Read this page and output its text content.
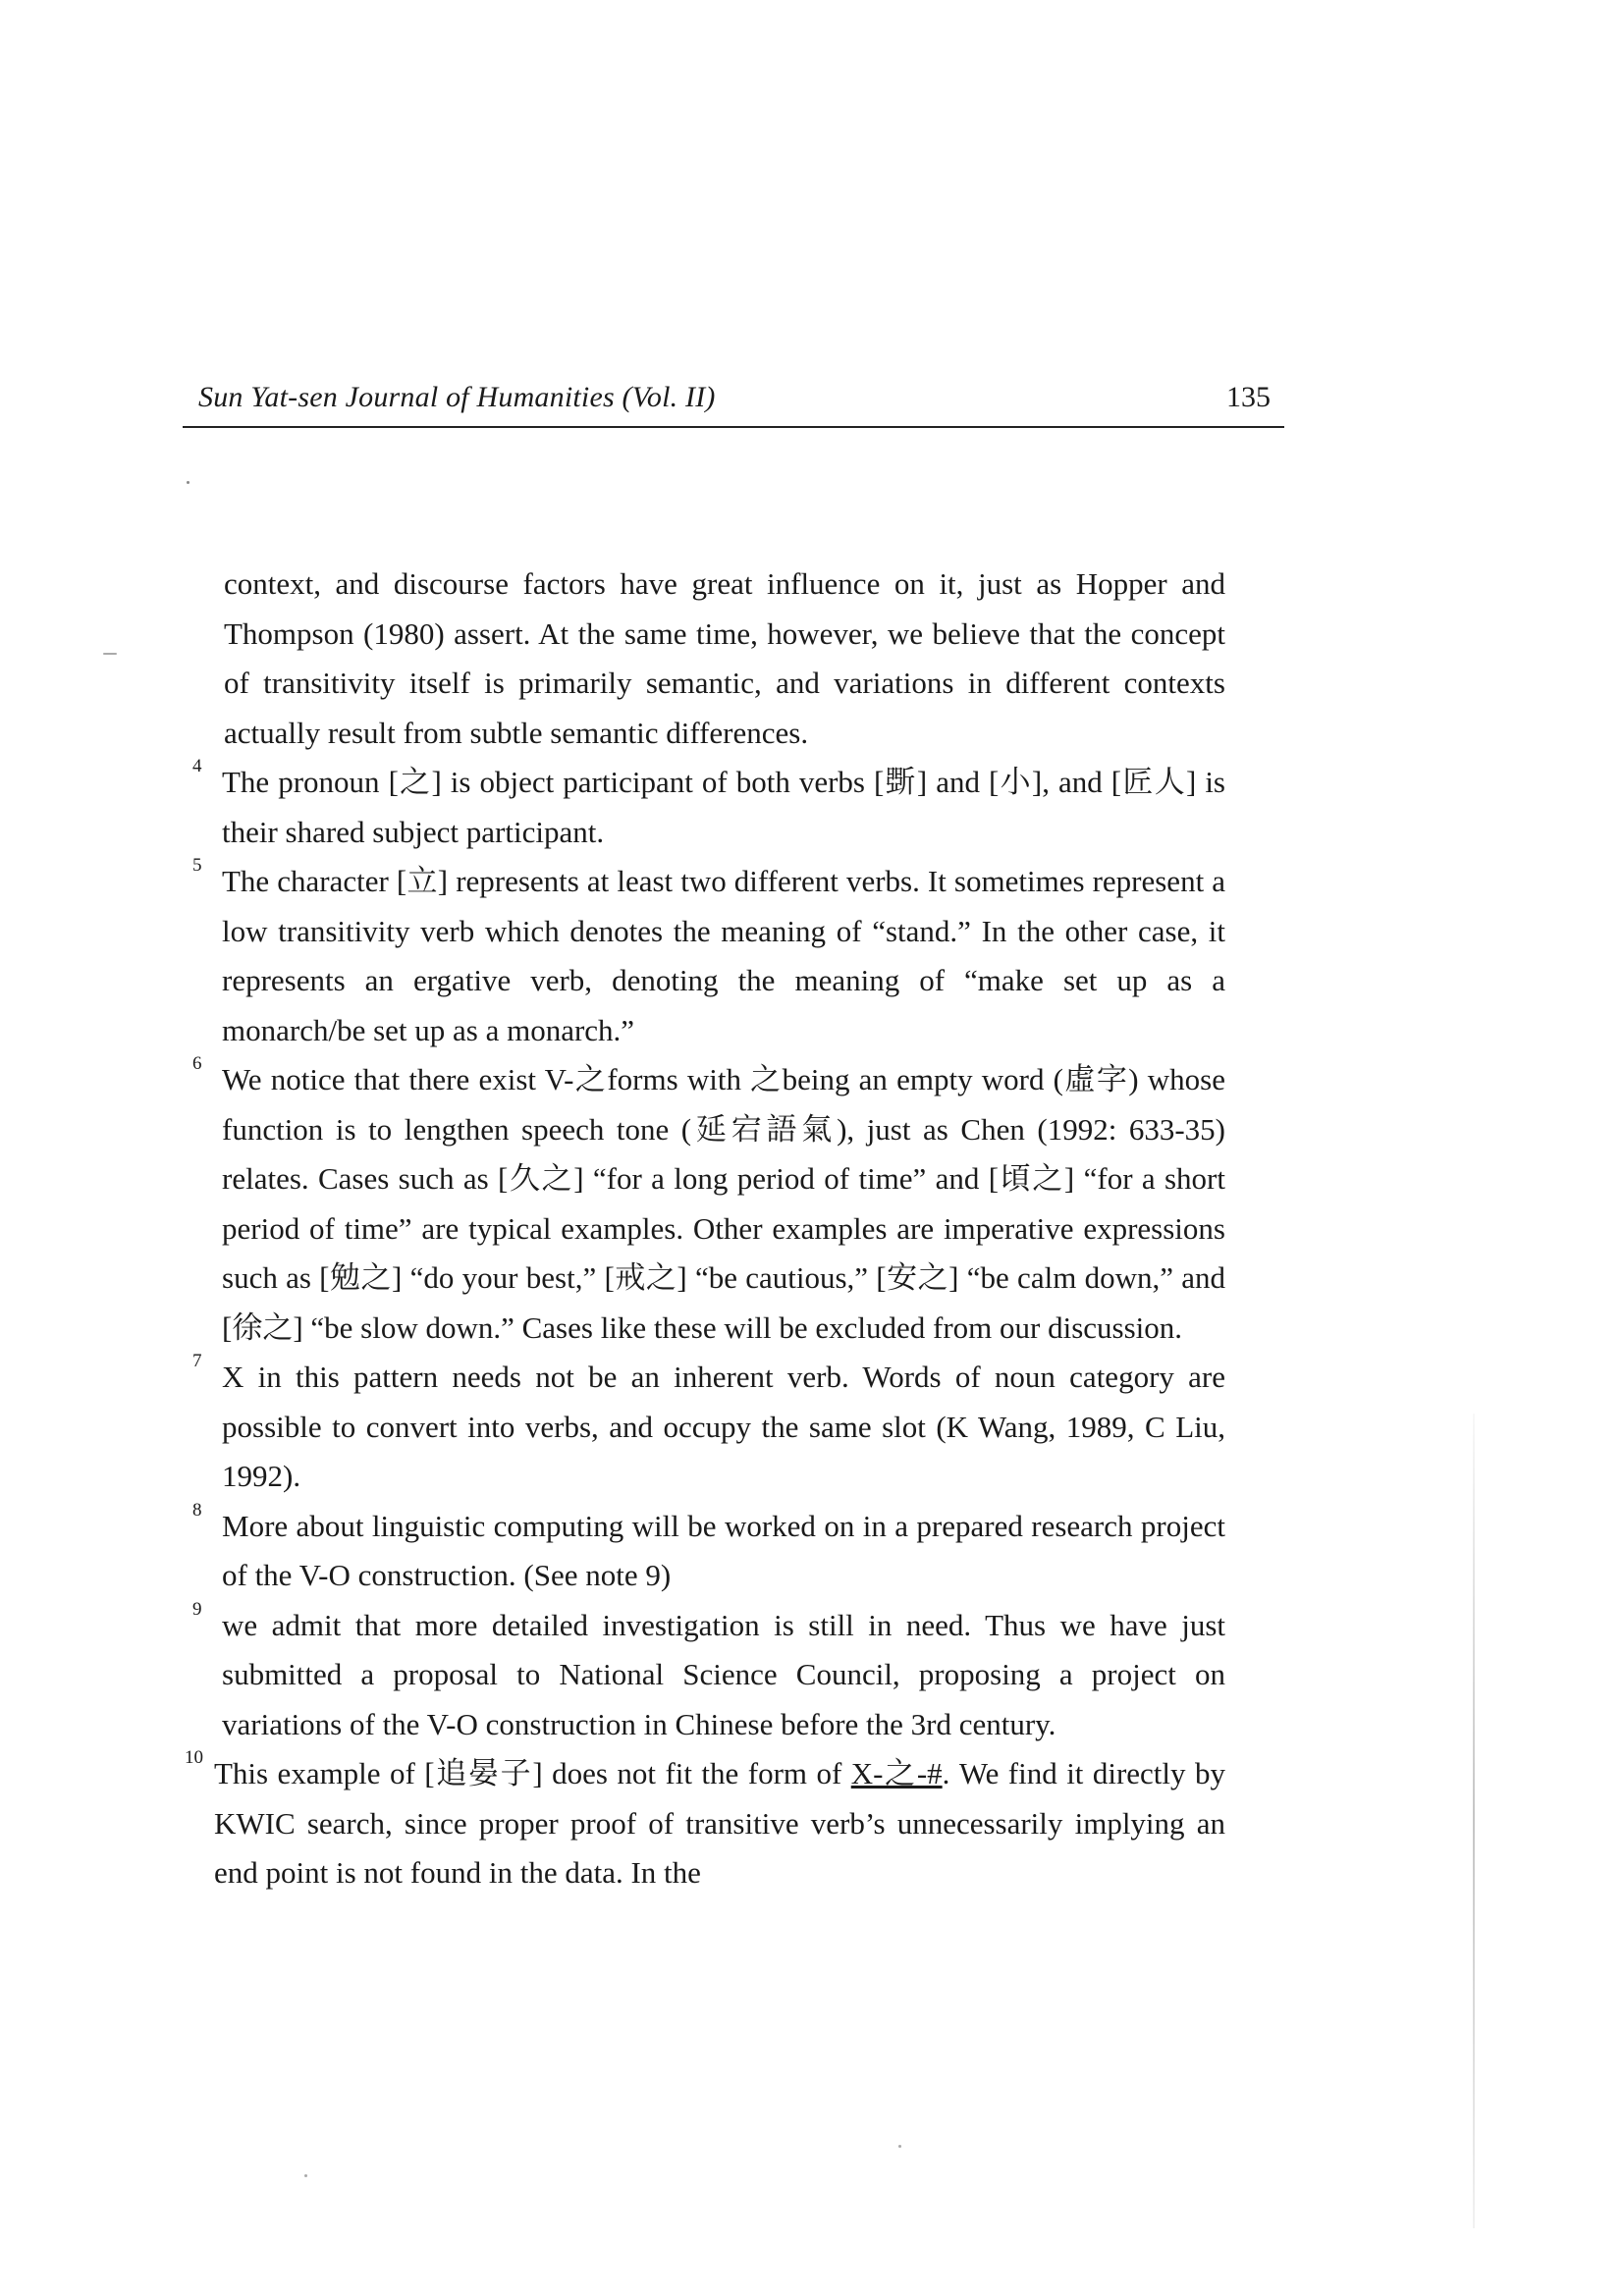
Sun Yat-sen Journal of Humanities (Vol. II)	135

context, and discourse factors have great influence on it, just as Hopper and Thompson (1980) assert. At the same time, however, we believe that the concept of transitivity itself is primarily semantic, and variations in different contexts actually result from subtle semantic differences.

4 The pronoun [之] is object participant of both verbs [斲] and [小], and [匠人] is their shared subject participant.

5 The character [立] represents at least two different verbs. It sometimes represent a low transitivity verb which denotes the meaning of “stand.” In the other case, it represents an ergative verb, denoting the meaning of “make set up as a monarch/be set up as a monarch.”

6 We notice that there exist V-之forms with 之being an empty word (虛字) whose function is to lengthen speech tone (延宕語氣), just as Chen (1992: 633-35) relates. Cases such as [久之] “for a long period of time” and [頃之] “for a short period of time” are typical examples. Other examples are imperative expressions such as [勉之] “do your best,” [戒之] “be cautious,” [安之] “be calm down,” and [徐之] “be slow down.” Cases like these will be excluded from our discussion.

7 X in this pattern needs not be an inherent verb. Words of noun category are possible to convert into verbs, and occupy the same slot (K Wang, 1989, C Liu, 1992).

8 More about linguistic computing will be worked on in a prepared research project of the V-O construction. (See note 9)

9 we admit that more detailed investigation is still in need. Thus we have just submitted a proposal to National Science Council, proposing a project on variations of the V-O construction in Chinese before the 3rd century.

10 This example of [追晏子] does not fit the form of X-之-#. We find it directly by KWIC search, since proper proof of transitive verb’s unnecessarily implying an end point is not found in the data. In the
